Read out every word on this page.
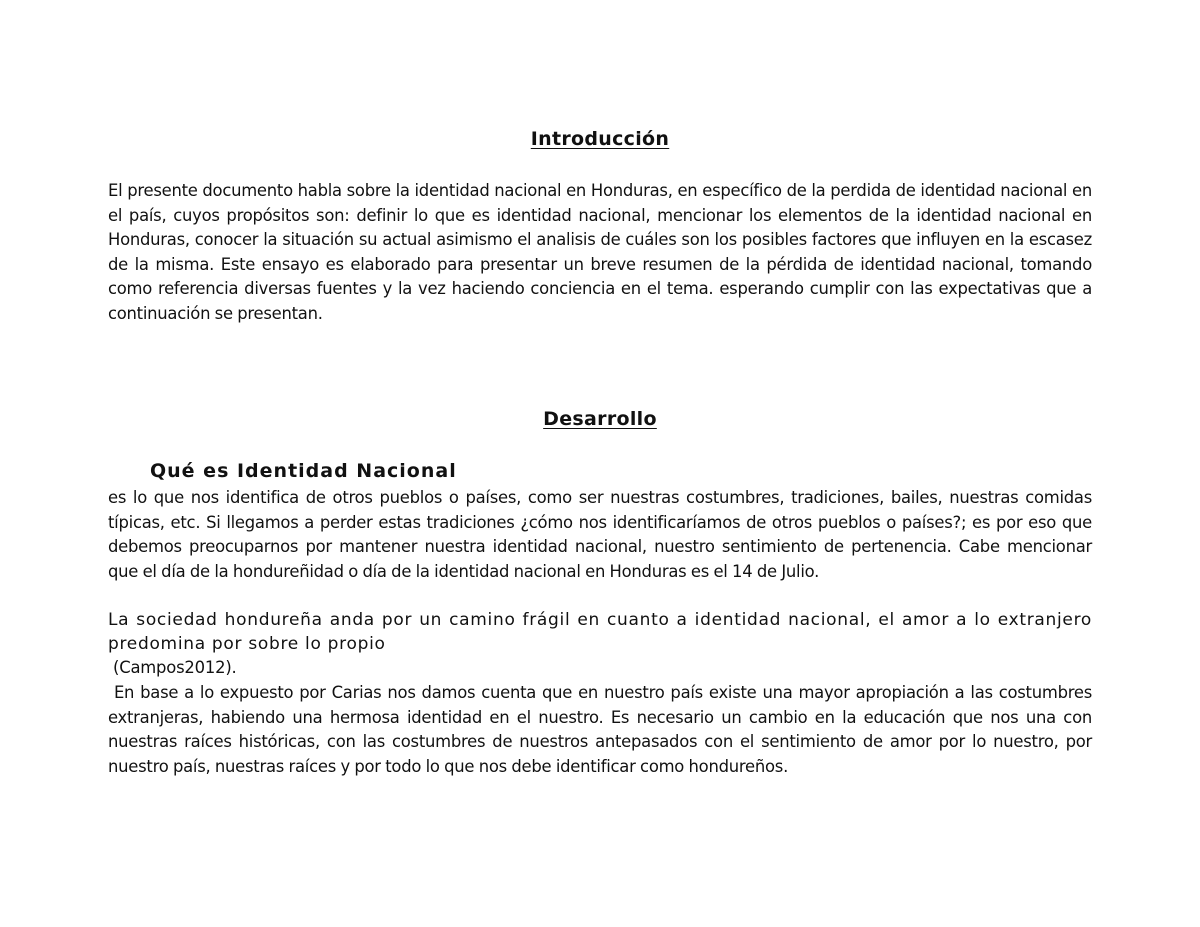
Introducción

El presente documento habla sobre la identidad nacional en Honduras, en específico de la perdida de identidad nacional en el país, cuyos propósitos son: definir lo que es identidad nacional, mencionar los elementos de la identidad nacional en Honduras, conocer la situación su actual asimismo el analisis de cuáles son los posibles factores que influyen en la escasez de la misma. Este ensayo es elaborado para presentar un breve resumen de la pérdida de identidad nacional, tomando como referencia diversas fuentes y la vez haciendo conciencia en el tema. esperando cumplir con las expectativas que a continuación se presentan.

Desarrollo
Qué es Identidad Nacional

es lo que nos identifica de otros pueblos o países, como ser nuestras costumbres, tradiciones, bailes, nuestras comidas típicas, etc. Si llegamos a perder estas tradiciones ¿cómo nos identificaríamos de otros pueblos o países?; es por eso que debemos preocuparnos por mantener nuestra identidad nacional, nuestro sentimiento de pertenencia. Cabe mencionar que el día de la hondureñidad o día de la identidad nacional en Honduras es el 14 de Julio.

La sociedad hondureña anda por un camino frágil en cuanto a identidad nacional, el amor a lo extranjero predomina por sobre lo propio

(Campos2012).

En base a lo expuesto por Carias nos damos cuenta que en nuestro país existe una mayor apropiación a las costumbres extranjeras, habiendo una hermosa identidad en el nuestro. Es necesario un cambio en la educación que nos una con nuestras raíces históricas, con las costumbres de nuestros antepasados con el sentimiento de amor por lo nuestro, por nuestro país, nuestras raíces y por todo lo que nos debe identificar como hondureños.
